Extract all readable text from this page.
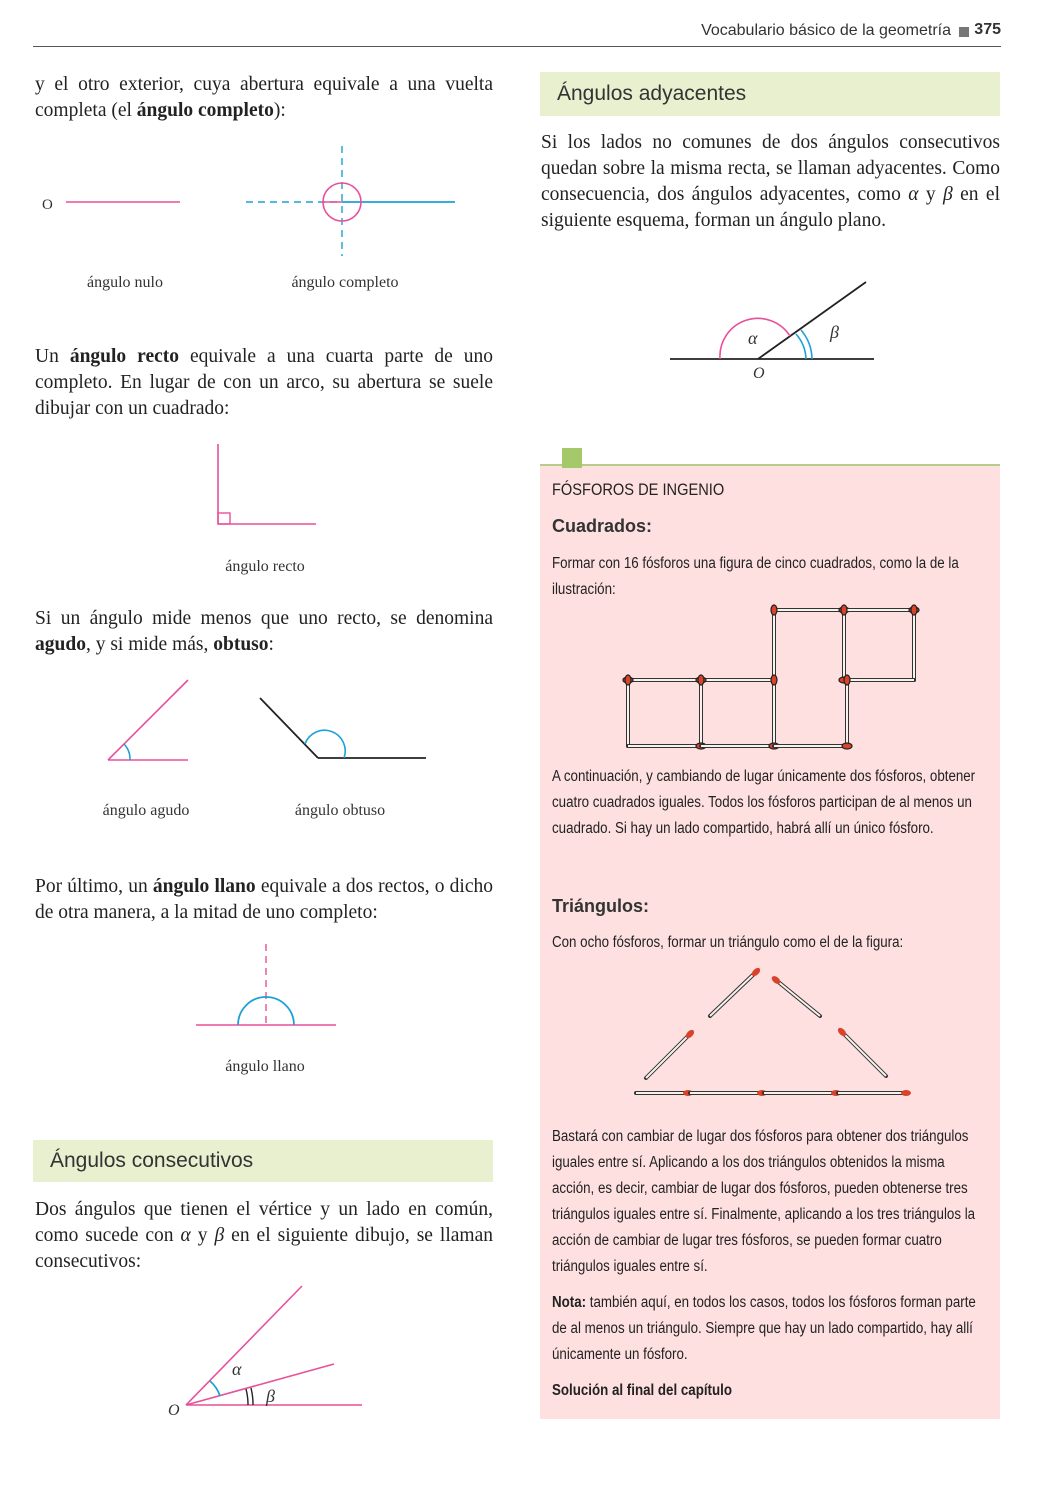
Vocabulario básico de la geometría 375
y el otro exterior, cuya abertura equivale a una vuelta completa (el ángulo completo):
O
ángulo nulo	ángulo completo
Un ángulo recto equivale a una cuarta parte de uno completo. En lugar de con un arco, su abertura se suele dibujar con un cuadrado:
ángulo recto
Si un ángulo mide menos que uno recto, se denomina agudo, y si mide más, obtuso:
ángulo agudo	ángulo obtuso
Por último, un ángulo llano equivale a dos rectos, o dicho de otra manera, a la mitad de uno completo:
ángulo llano
Ángulos consecutivos
Dos ángulos que tienen el vértice y un lado en común, como sucede con α y β en el siguiente dibujo, se llaman consecutivos:
α
β
O
Ángulos adyacentes
Si los lados no comunes de dos ángulos consecutivos quedan sobre la misma recta, se llaman adyacentes. Como consecuencia, dos ángulos adyacentes, como α y β en el siguiente esquema, forman un ángulo plano.
α	β
O
FÓSFOROS DE INGENIO
Cuadrados:
Formar con 16 fósforos una figura de cinco cuadrados, como la de la ilustración:
A continuación, y cambiando de lugar únicamente dos fósforos, obtener cuatro cuadrados iguales. Todos los fósforos participan de al menos un cuadrado. Si hay un lado compartido, habrá allí un único fósforo.
Triángulos:
Con ocho fósforos, formar un triángulo como el de la figura:
Bastará con cambiar de lugar dos fósforos para obtener dos triángulos iguales entre sí. Aplicando a los dos triángulos obtenidos la misma acción, es decir, cambiar de lugar dos fósforos, pueden obtenerse tres triángulos iguales entre sí. Finalmente, aplicando a los tres triángulos la acción de cambiar de lugar tres fósforos, se pueden formar cuatro triángulos iguales entre sí.
Nota: también aquí, en todos los casos, todos los fósforos forman parte de al menos un triángulo. Siempre que hay un lado compartido, hay allí únicamente un fósforo.
Solución al final del capítulo
